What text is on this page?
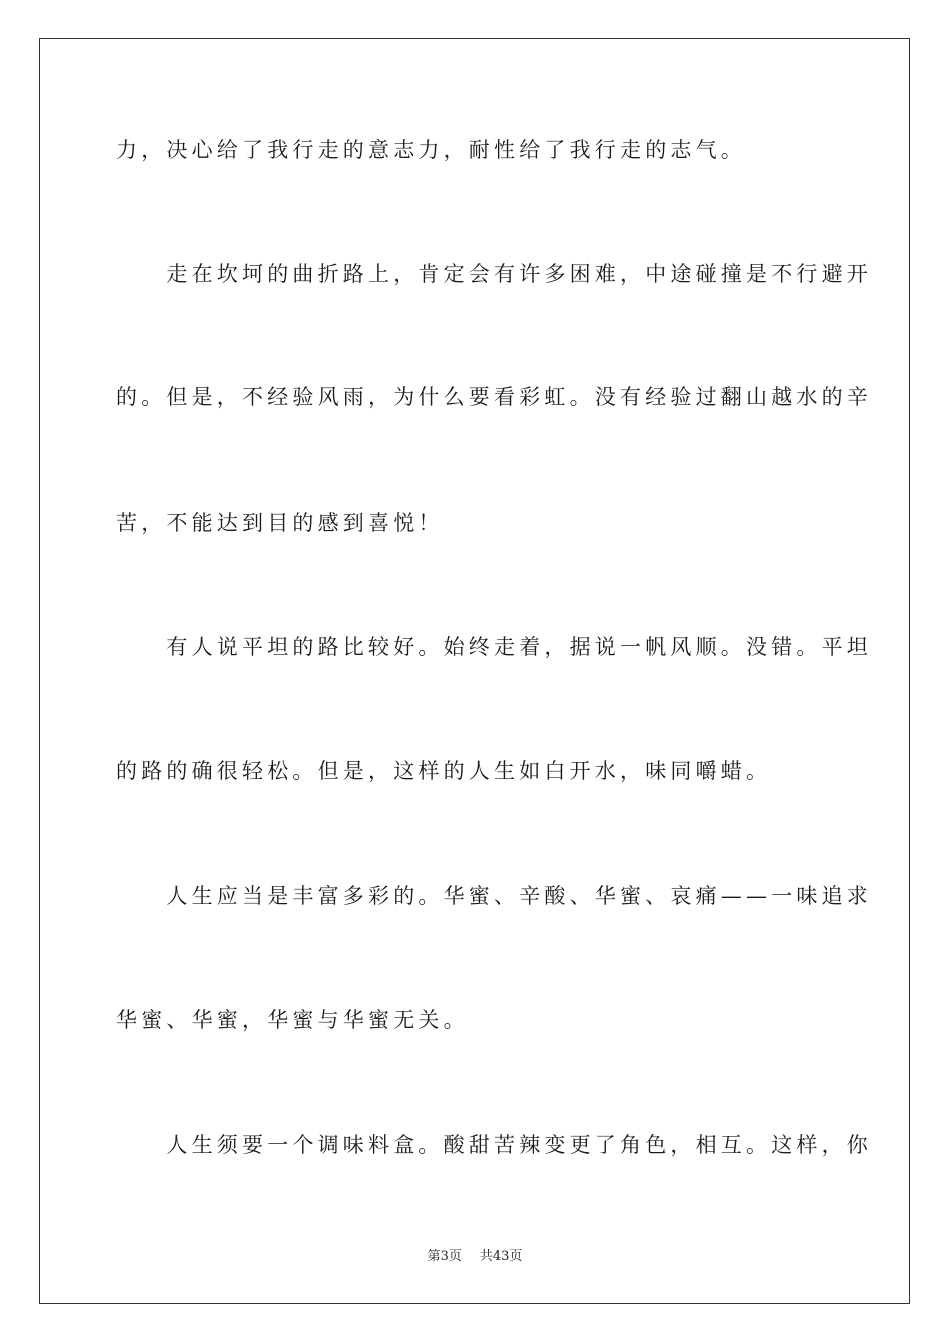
力，决心给了我行走的意志力，耐性给了我行走的志气。
　　走在坎坷的曲折路上，肯定会有许多困难，中途碰撞是不行避开
的。但是，不经验风雨，为什么要看彩虹。没有经验过翻山越水的辛
苦，不能达到目的感到喜悦！
　　有人说平坦的路比较好。始终走着，据说一帆风顺。没错。平坦
的路的确很轻松。但是，这样的人生如白开水，味同嚼蜡。
　　人生应当是丰富多彩的。华蜜、辛酸、华蜜、哀痛——一味追求
华蜜、华蜜，华蜜与华蜜无关。
　　人生须要一个调味料盒。酸甜苦辣变更了角色，相互。这样，你
第3页 共43页
